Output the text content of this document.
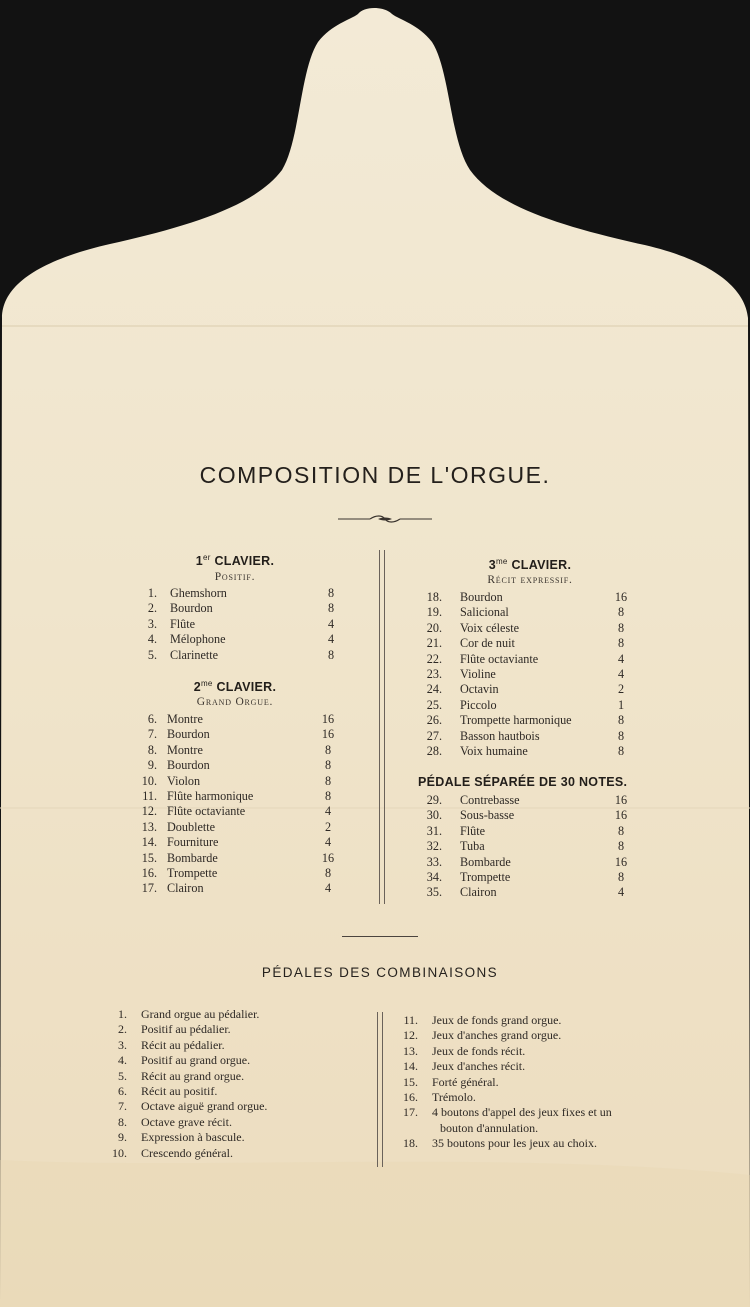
COMPOSITION DE L'ORGUE.
1er CLAVIER.
Positif.
1. Ghemshorn	8
2. Bourdon	8
3. Flûte	4
4. Mélophone	4
5. Clarinette	8
$2^{me}$ CLAVIER.
Grand Orgue.
6. Montre	16
7. Bourdon	16
8. Montre	8
9. Bourdon	8
10. Violon	8
11. Flûte harmonique	8
12. Flûte octaviante	4
13. Doublette	2
14. Fourniture	4
15. Bombarde	16
16. Trompette	8
17. Clairon	4
$3^{me}$ CLAVIER.
Récit expressif.
18. Bourdon	16
19. Salicional	8
20. Voix céleste	8
21. Cor de nuit	8
22. Flûte octaviante	4
23. Violine	4
24. Octavin	2
25. Piccolo	1
26. Trompette harmonique	8
27. Basson hautbois	8
28. Voix humaine	8
PÉDALE SÉPARÉE DE 30 NOTES.
29. Contrebasse	16
30. Sous-basse	16
31. Flûte	8
32. Tuba	8
33. Bombarde	16
34. Trompette	8
35. Clairon	4
PÉDALES DES COMBINAISONS
1. Grand orgue au pédalier.
2. Positif au pédalier.
3. Récit au pédalier.
4. Positif au grand orgue.
5. Récit au grand orgue.
6. Récit au positif.
7. Octave aiguë grand orgue.
8. Octave grave récit.
9. Expression à bascule.
10. Crescendo général.
11. Jeux de fonds grand orgue.
12. Jeux d'anches grand orgue.
13. Jeux de fonds récit.
14. Jeux d'anches récit.
15. Forté général.
16. Trémolo.
17. 4 boutons d'appel des jeux fixes et un
bouton d'annulation.
18. 35 boutons pour les jeux au choix.
